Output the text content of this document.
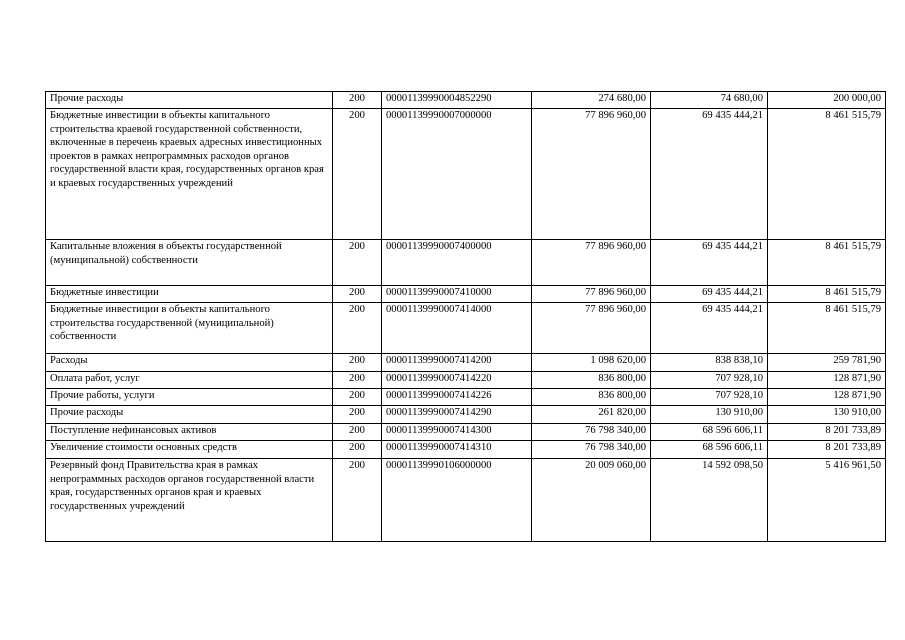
Прочие расходы	200	00001139990004852290	274 680,00	74 680,00	200 000,00
Бюджетные инвестиции в объекты капитального строительства краевой государственной собственности, включенные в перечень краевых адресных инвестиционных проектов в рамках непрограммных расходов органов государственной власти края, государственных органов края и краевых государственных учреждений	200	00001139990007000000	77 896 960,00	69 435 444,21	8 461 515,79
Капитальные вложения в объекты государственной (муниципальной) собственности	200	00001139990007400000	77 896 960,00	69 435 444,21	8 461 515,79
Бюджетные инвестиции	200	00001139990007410000	77 896 960,00	69 435 444,21	8 461 515,79
Бюджетные инвестиции в объекты капитального строительства государственной (муниципальной) собственности	200	00001139990007414000	77 896 960,00	69 435 444,21	8 461 515,79
Расходы	200	00001139990007414200	1 098 620,00	838 838,10	259 781,90
Оплата работ, услуг	200	00001139990007414220	836 800,00	707 928,10	128 871,90
Прочие работы, услуги	200	00001139990007414226	836 800,00	707 928,10	128 871,90
Прочие расходы	200	00001139990007414290	261 820,00	130 910,00	130 910,00
Поступление нефинансовых активов	200	00001139990007414300	76 798 340,00	68 596 606,11	8 201 733,89
Увеличение стоимости основных средств	200	00001139990007414310	76 798 340,00	68 596 606,11	8 201 733,89
Резервный фонд Правительства края в рамках непрограммных расходов органов государственной власти края, государственных органов края и краевых государственных учреждений	200	00001139990106000000	20 009 060,00	14 592 098,50	5 416 961,50
